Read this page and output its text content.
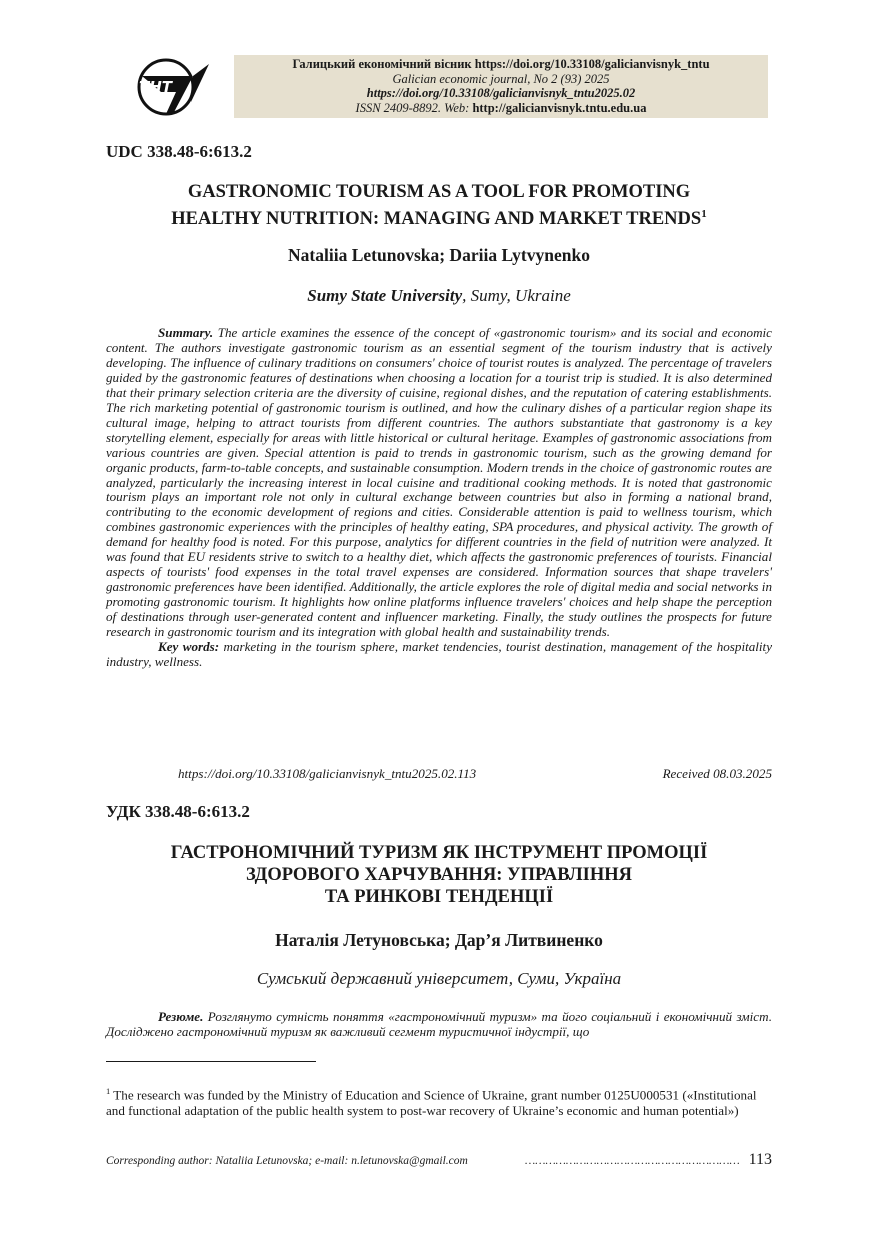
ТНТ
Галицький економічний вісник https://doi.org/10.33108/galicianvisnyk_tntu
Galician economic journal, No 2 (93) 2025
https://doi.org/10.33108/galicianvisnyk_tntu2025.02
ISSN 2409-8892. Web: http://galicianvisnyk.tntu.edu.ua
UDC 338.48-6:613.2
GASTRONOMIC TOURISM AS A TOOL FOR PROMOTING
HEALTHY NUTRITION: MANAGING AND MARKET TRENDS$^1$
Nataliia Letunovska; Dariia Lytvynenko
Sumy State University, Sumy, Ukraine

Summary. The article examines the essence of the concept of «gastronomic tourism» and its social and economic content. The authors investigate gastronomic tourism as an essential segment of the tourism industry that is actively developing. The influence of culinary traditions on consumers' choice of tourist routes is analyzed. The percentage of travelers guided by the gastronomic features of destinations when choosing a location for a tourist trip is studied. It is also determined that their primary selection criteria are the diversity of cuisine, regional dishes, and the reputation of catering establishments. The rich marketing potential of gastronomic tourism is outlined, and how the culinary dishes of a particular region shape its cultural image, helping to attract tourists from different countries. The authors substantiate that gastronomy is a key storytelling element, especially for areas with little historical or cultural heritage. Examples of gastronomic associations from various countries are given. Special attention is paid to trends in gastronomic tourism, such as the growing demand for organic products, farm-to-table concepts, and sustainable consumption. Modern trends in the choice of gastronomic routes are analyzed, particularly the increasing interest in local cuisine and traditional cooking methods. It is noted that gastronomic tourism plays an important role not only in cultural exchange between countries but also in forming a national brand, contributing to the economic development of regions and cities. Considerable attention is paid to wellness tourism, which combines gastronomic experiences with the principles of healthy eating, SPA procedures, and physical activity. The growth of demand for healthy food is noted. For this purpose, analytics for different countries in the field of nutrition were analyzed. It was found that EU residents strive to switch to a healthy diet, which affects the gastronomic preferences of tourists. Financial aspects of tourists' food expenses in the total travel expenses are considered. Information sources that shape travelers' gastronomic preferences have been identified. Additionally, the article explores the role of digital media and social networks in promoting gastronomic tourism. It highlights how online platforms influence travelers' choices and help shape the perception of destinations through user-generated content and influencer marketing. Finally, the study outlines the prospects for future research in gastronomic tourism and its integration with global health and sustainability trends.

Key words: marketing in the tourism sphere, market tendencies, tourist destination, management of the hospitality industry, wellness.

https://doi.org/10.33108/galicianvisnyk_tntu2025.02.113	Received 08.03.2025
УДК 338.48-6:613.2
ГАСТРОНОМІЧНИЙ ТУРИЗМ ЯК ІНСТРУМЕНТ ПРОМОЦІЇ
ЗДОРОВОГО ХАРЧУВАННЯ: УПРАВЛІННЯ
ТА РИНКОВІ ТЕНДЕНЦІЇ
Наталія Летуновська; Дар’я Литвиненко
Сумський державний університет, Суми, Україна

Резюме. Розглянуто сутність поняття «гастрономічний туризм» та його соціальний і економічний зміст. Досліджено гастрономічний туризм як важливий сегмент туристичної індустрії, що

$^1$ The research was funded by the Ministry of Education and Science of Ukraine, grant number 0125U000531 («Institutional and functional adaptation of the public health system to post-war recovery of Ukraine’s economic and human potential»)
Corresponding author: Nataliia Letunovska; e-mail: n.letunovska@gmail.com	……………………………………………………… 113
